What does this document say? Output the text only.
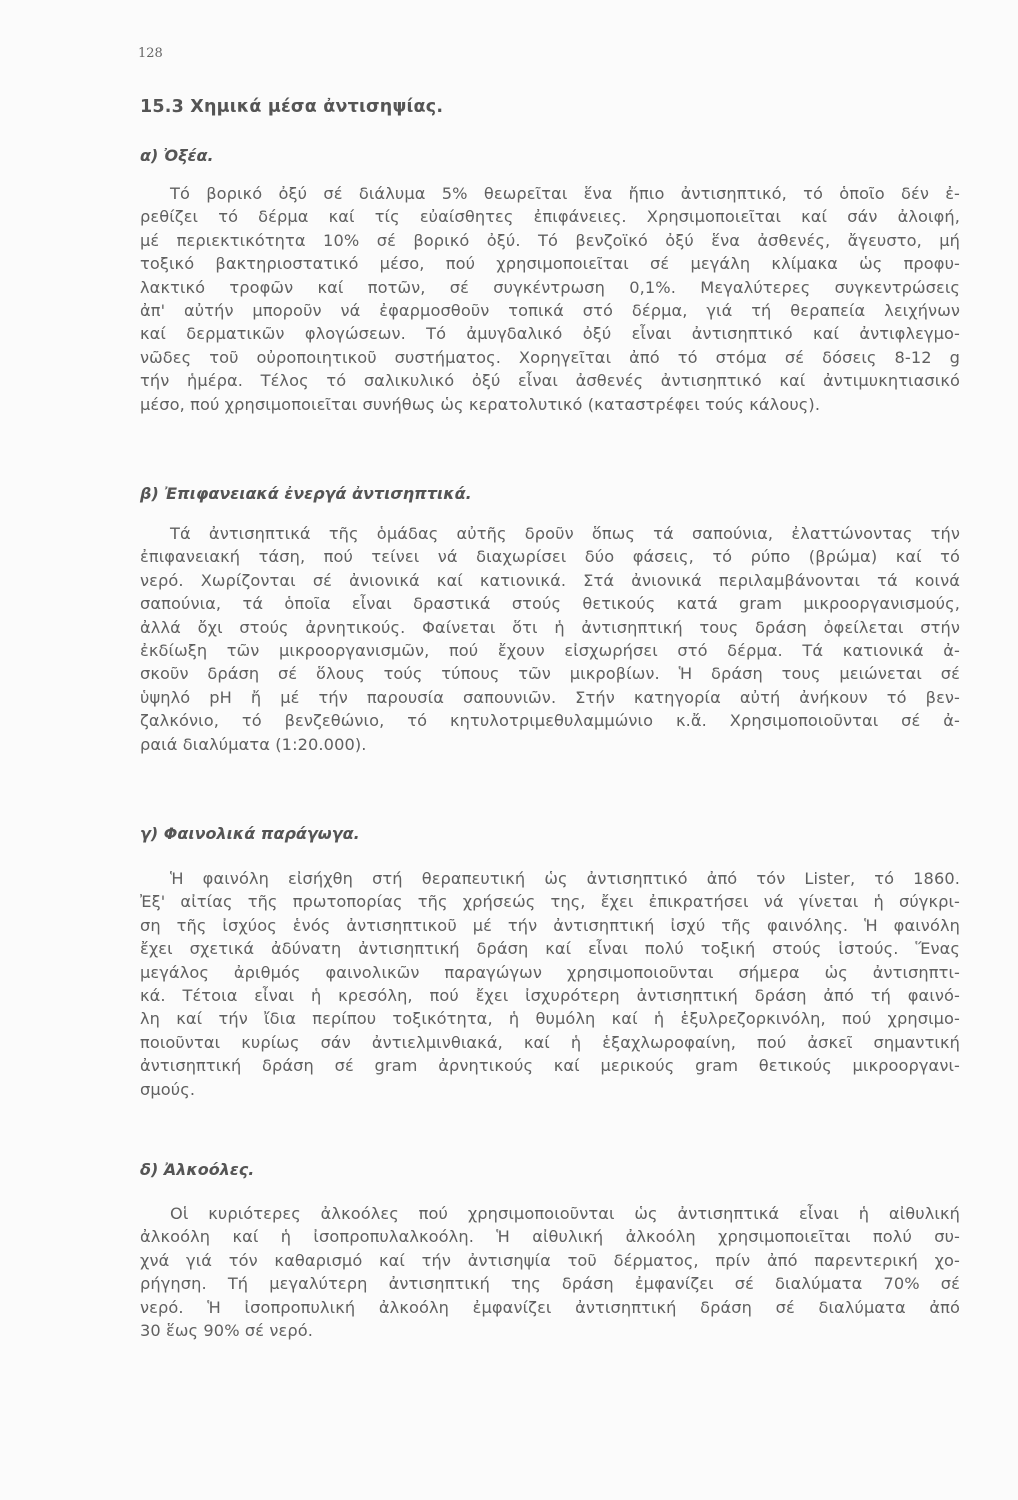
128
15.3 Χημικά μέσα ἀντισηψίας.
α) Ὀξέα.
Τό βορικό ὀξύ σέ διάλυμα 5% θεωρεῖται ἕνα ἤπιο ἀντισηπτικό, τό ὁποῖο δέν ἐ-
ρεθίζει τό δέρμα καί τίς εὐαίσθητες ἐπιφάνειες. Χρησιμοποιεῖται καί σάν ἀλοιφή,
μέ περιεκτικότητα 10% σέ βορικό ὀξύ. Τό βενζοϊκό ὀξύ ἕνα ἀσθενές, ἄγευστο, μή
τοξικό βακτηριοστατικό μέσο, πού χρησιμοποιεῖται σέ μεγάλη κλίμακα ὡς προφυ-
λακτικό τροφῶν καί ποτῶν, σέ συγκέντρωση 0,1%. Μεγαλύτερες συγκεντρώσεις
ἀπ' αὐτήν μποροῦν νά ἐφαρμοσθοῦν τοπικά στό δέρμα, γιά τή θεραπεία λειχήνων
καί δερματικῶν φλογώσεων. Τό ἀμυγδαλικό ὀξύ εἶναι ἀντισηπτικό καί ἀντιφλεγμο-
νῶδες τοῦ οὐροποιητικοῦ συστήματος. Χορηγεῖται ἀπό τό στόμα σέ δόσεις 8-12 g
τήν ἡμέρα. Τέλος τό σαλικυλικό ὀξύ εἶναι ἀσθενές ἀντισηπτικό καί ἀντιμυκητιασικό
μέσο, πού χρησιμοποιεῖται συνήθως ὡς κερατολυτικό (καταστρέφει τούς κάλους).
β) Ἐπιφανειακά ἐνεργά ἀντισηπτικά.
Τά ἀντισηπτικά τῆς ὁμάδας αὐτῆς δροῦν ὅπως τά σαπούνια, ἐλαττώνοντας τήν
ἐπιφανειακή τάση, πού τείνει νά διαχωρίσει δύο φάσεις, τό ρύπο (βρώμα) καί τό
νερό. Χωρίζονται σέ ἀνιονικά καί κατιονικά. Στά ἀνιονικά περιλαμβάνονται τά κοινά
σαπούνια, τά ὁποῖα εἶναι δραστικά στούς θετικούς κατά gram μικροοργανισμούς,
ἀλλά ὄχι στούς ἀρνητικούς. Φαίνεται ὅτι ἡ ἀντισηπτική τους δράση ὀφείλεται στήν
ἐκδίωξη τῶν μικροοργανισμῶν, πού ἔχουν εἰσχωρήσει στό δέρμα. Τά κατιονικά ἀ-
σκοῦν δράση σέ ὅλους τούς τύπους τῶν μικροβίων. Ἡ δράση τους μειώνεται σέ
ὑψηλό pH ἤ μέ τήν παρουσία σαπουνιῶν. Στήν κατηγορία αὐτή ἀνήκουν τό βεν-
ζαλκόνιο, τό βενζεθώνιο, τό κητυλοτριμεθυλαμμώνιο κ.ἄ. Χρησιμοποιοῦνται σέ ἀ-
ραιά διαλύματα (1:20.000).
γ) Φαινολικά παράγωγα.
Ἡ φαινόλη εἰσήχθη στή θεραπευτική ὡς ἀντισηπτικό ἀπό τόν Lister, τό 1860.
Ἐξ' αἰτίας τῆς πρωτοπορίας τῆς χρήσεώς της, ἔχει ἐπικρατήσει νά γίνεται ἡ σύγκρι-
ση τῆς ἰσχύος ἑνός ἀντισηπτικοῦ μέ τήν ἀντισηπτική ἰσχύ τῆς φαινόλης. Ἡ φαινόλη
ἔχει σχετικά ἀδύνατη ἀντισηπτική δράση καί εἶναι πολύ τοξική στούς ἱστούς. Ἕνας
μεγάλος ἀριθμός φαινολικῶν παραγώγων χρησιμοποιοῦνται σήμερα ὡς ἀντισηπτι-
κά. Τέτοια εἶναι ἡ κρεσόλη, πού ἔχει ἰσχυρότερη ἀντισηπτική δράση ἀπό τή φαινό-
λη καί τήν ἴδια περίπου τοξικότητα, ἡ θυμόλη καί ἡ ἑξυλρεζορκινόλη, πού χρησιμο-
ποιοῦνται κυρίως σάν ἀντιελμινθιακά, καί ἡ ἑξαχλωροφαίνη, πού ἀσκεῖ σημαντική
ἀντισηπτική δράση σέ gram ἀρνητικούς καί μερικούς gram θετικούς μικροοργανι-
σμούς.
δ) Ἀλκοόλες.
Οἱ κυριότερες ἀλκοόλες πού χρησιμοποιοῦνται ὡς ἀντισηπτικά εἶναι ἡ αἰθυλική
ἀλκοόλη καί ἡ ἰσοπροπυλαλκοόλη. Ἡ αἰθυλική ἀλκοόλη χρησιμοποιεῖται πολύ συ-
χνά γιά τόν καθαρισμό καί τήν ἀντισηψία τοῦ δέρματος, πρίν ἀπό παρεντερική χο-
ρήγηση. Τή μεγαλύτερη ἀντισηπτική της δράση ἐμφανίζει σέ διαλύματα 70% σέ
νερό. Ἡ ἰσοπροπυλική ἀλκοόλη ἐμφανίζει ἀντισηπτική δράση σέ διαλύματα ἀπό
30 ἕως 90% σέ νερό.
